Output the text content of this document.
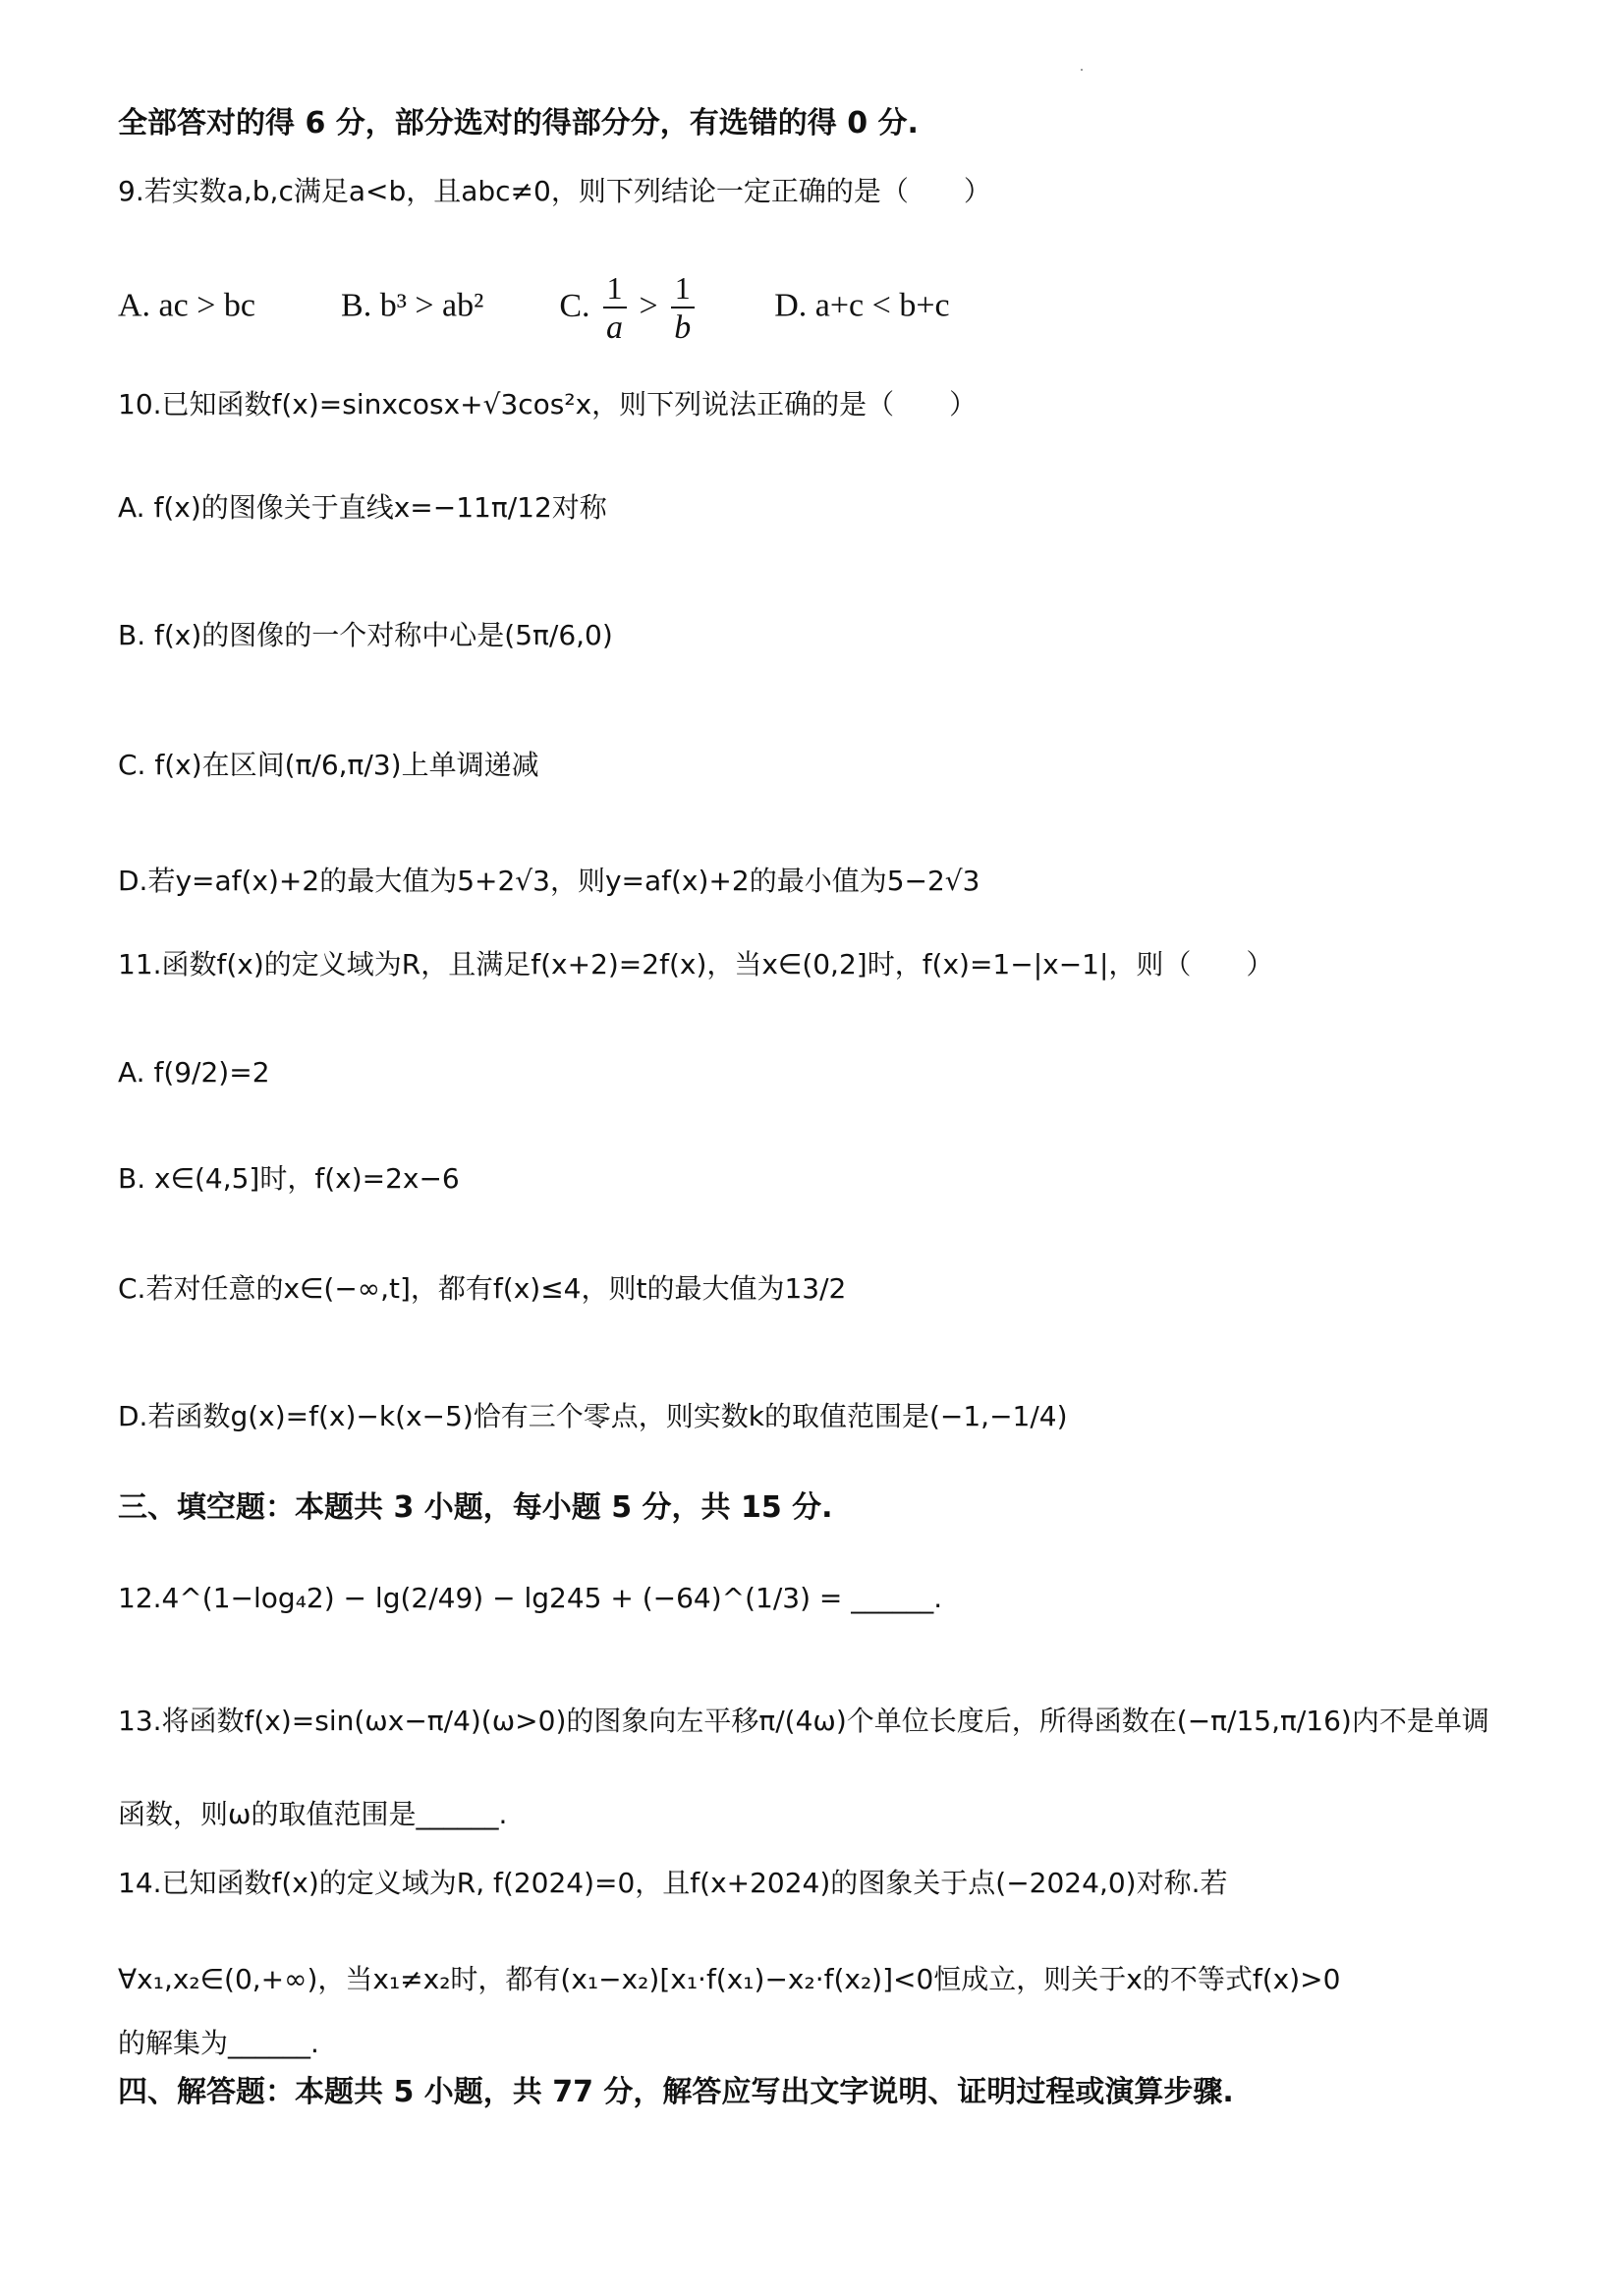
全部答对的得 6 分，部分选对的得部分分，有选错的得 0 分.
9.若实数a,b,c满足a<b，且abc≠0，则下列结论一定正确的是（　　）
A. ac > bc	B. b³ > ab² C. $\frac{1}{a} > \frac{1}{b} D$. a+c < b+c
10.已知函数f(x)=sinxcosx+√3cos²x，则下列说法正确的是（　　）
A. f(x)的图像关于直线x=−11π/12对称
B. f(x)的图像的一个对称中心是(5π/6,0)
C. f(x)在区间(π/6,π/3)上单调递减
D.若y=af(x)+2的最大值为5+2√3，则y=af(x)+2的最小值为5−2√3
11.函数f(x)的定义域为R，且满足f(x+2)=2f(x)，当x∈(0,2]时，f(x)=1−|x−1|，则（　　）
A. f(9/2)=2
B. x∈(4,5]时，f(x)=2x−6
C.若对任意的x∈(−∞,t]，都有f(x)≤4，则t的最大值为13/2
D.若函数g(x)=f(x)−k(x−5)恰有三个零点，则实数k的取值范围是(−1,−1/4)
三、填空题：本题共 3 小题，每小题 5 分，共 15 分.
12.4^(1−log₄2) − lg(2/49) − lg245 + (−64)^(1/3) = ______.
13.将函数f(x)=sin(ωx−π/4)(ω>0)的图象向左平移π/(4ω)个单位长度后，所得函数在(−π/15,π/16)内不是单调
函数，则ω的取值范围是______.
14.已知函数f(x)的定义域为R, f(2024)=0，且f(x+2024)的图象关于点(−2024,0)对称.若
∀x₁,x₂∈(0,+∞)，当x₁≠x₂时，都有(x₁−x₂)[x₁·f(x₁)−x₂·f(x₂)]<0恒成立，则关于x的不等式f(x)>0
的解集为______.
四、解答题：本题共 5 小题，共 77 分，解答应写出文字说明、证明过程或演算步骤.
